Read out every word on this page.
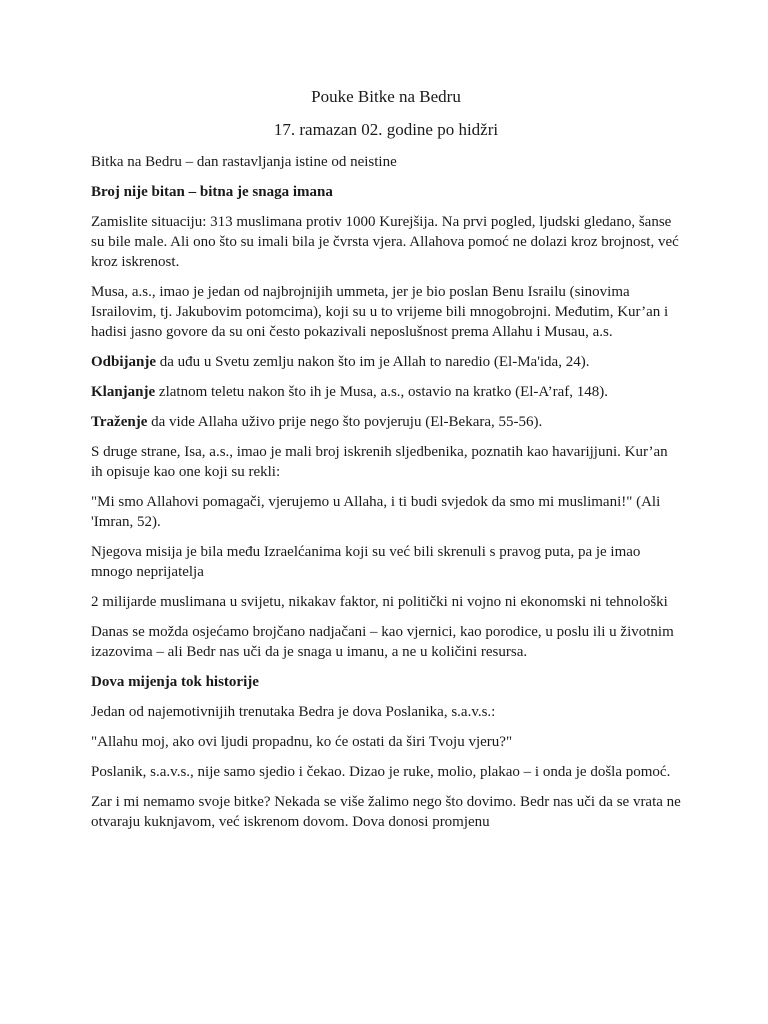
Pouke Bitke na Bedru
17. ramazan 02. godine po hidžri

Bitka na Bedru – dan rastavljanja istine od neistine

Broj nije bitan – bitna je snaga imana

Zamislite situaciju: 313 muslimana protiv 1000 Kurejšija. Na prvi pogled, ljudski gledano, šanse su bile male. Ali ono što su imali bila je čvrsta vjera. Allahova pomoć ne dolazi kroz brojnost, već kroz iskrenost.

Musa, a.s., imao je jedan od najbrojnijih ummeta, jer je bio poslan Benu Israilu (sinovima Israilovim, tj. Jakubovim potomcima), koji su u to vrijeme bili mnogobrojni. Međutim, Kur’an i hadisi jasno govore da su oni često pokazivali neposlušnost prema Allahu i Musau, a.s.

Odbijanje da uđu u Svetu zemlju nakon što im je Allah to naredio (El-Ma'ida, 24).

Klanjanje zlatnom teletu nakon što ih je Musa, a.s., ostavio na kratko (El-A’raf, 148).

Traženje da vide Allaha uživo prije nego što povjeruju (El-Bekara, 55-56).

S druge strane, Isa, a.s., imao je mali broj iskrenih sljedbenika, poznatih kao havarijjuni. Kur’an ih opisuje kao one koji su rekli:

"Mi smo Allahovi pomagači, vjerujemo u Allaha, i ti budi svjedok da smo mi muslimani!" (Ali 'Imran, 52).

Njegova misija je bila među Izraelćanima koji su već bili skrenuli s pravog puta, pa je imao mnogo neprijatelja

2 milijarde muslimana u svijetu, nikakav faktor, ni politički ni vojno ni ekonomski ni tehnološki

Danas se možda osjećamo brojčano nadjačani – kao vjernici, kao porodice, u poslu ili u životnim izazovima – ali Bedr nas uči da je snaga u imanu, a ne u količini resursa.

Dova mijenja tok historije

Jedan od najemotivnijih trenutaka Bedra je dova Poslanika, s.a.v.s.:

"Allahu moj, ako ovi ljudi propadnu, ko će ostati da širi Tvoju vjeru?"

Poslanik, s.a.v.s., nije samo sjedio i čekao. Dizao je ruke, molio, plakao – i onda je došla pomoć.

Zar i mi nemamo svoje bitke? Nekada se više žalimo nego što dovimo. Bedr nas uči da se vrata ne otvaraju kuknjavom, već iskrenom dovom. Dova donosi promjenu
